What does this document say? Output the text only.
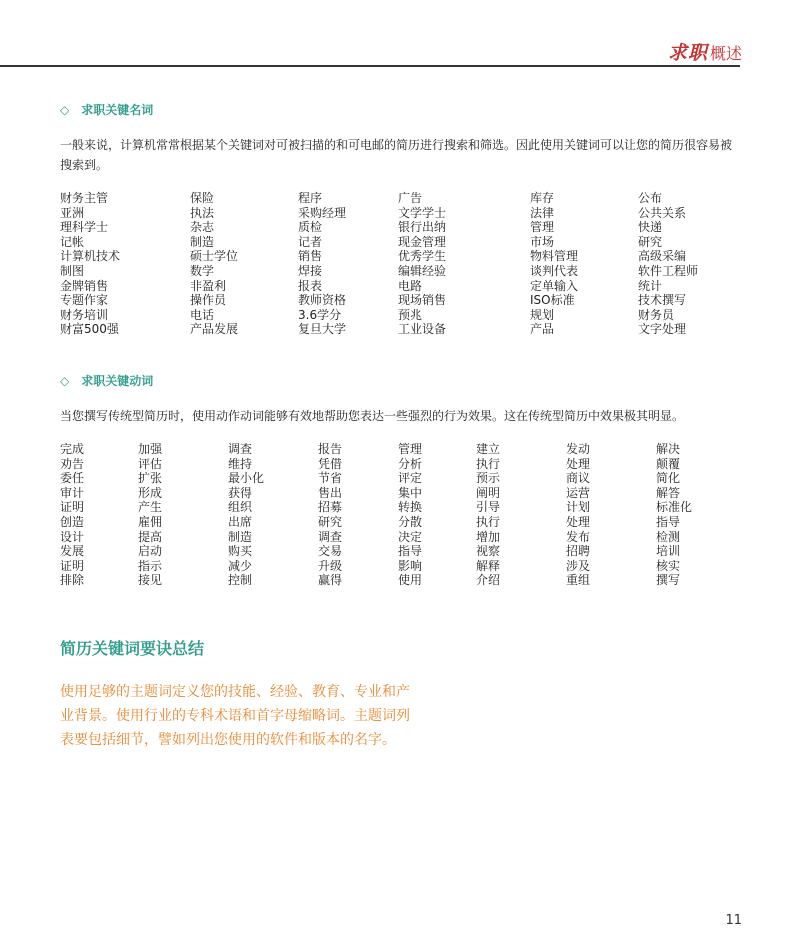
求职 概述
◇ 求职关键名词
一般来说，计算机常常根据某个关键词对可被扫描的和可电邮的简历进行搜索和筛选。因此使用关键词可以让您的简历很容易被搜索到。
财务主管	保险	程序	广告	库存	公布
亚洲	执法	采购经理	文学学士	法律	公共关系
理科学士	杂志	质检	银行出纳	管理	快递
记帐	制造	记者	现金管理	市场	研究
计算机技术	硕士学位	销售	优秀学生	物料管理	高级采编
制图	数学	焊接	编辑经验	谈判代表	软件工程师
金牌销售	非盈利	报表	电路	定单输入	统计
专题作家	操作员	教师资格	现场销售	ISO标准	技术撰写
财务培训	电话	3.6学分	预兆	规划	财务员
财富500强	产品发展	复旦大学	工业设备	产品	文字处理
◇ 求职关键动词
当您撰写传统型简历时，使用动作动词能够有效地帮助您表达一些强烈的行为效果。这在传统型简历中效果极其明显。
完成	加强	调查	报告	管理	建立	发动	解决
劝告	评估	维持	凭借	分析	执行	处理	颠覆
委任	扩张	最小化	节省	评定	预示	商议	简化
审计	形成	获得	售出	集中	阐明	运营	解答
证明	产生	组织	招募	转换	引导	计划	标准化
创造	雇佣	出席	研究	分散	执行	处理	指导
设计	提高	制造	调查	决定	增加	发布	检测
发展	启动	购买	交易	指导	视察	招聘	培训
证明	指示	减少	升级	影响	解释	涉及	核实
排除	接见	控制	赢得	使用	介绍	重组	撰写
简历关键词要诀总结
使用足够的主题词定义您的技能、经验、教育、专业和产业背景。使用行业的专科术语和首字母缩略词。主题词列表要包括细节，譬如列出您使用的软件和版本的名字。
11
